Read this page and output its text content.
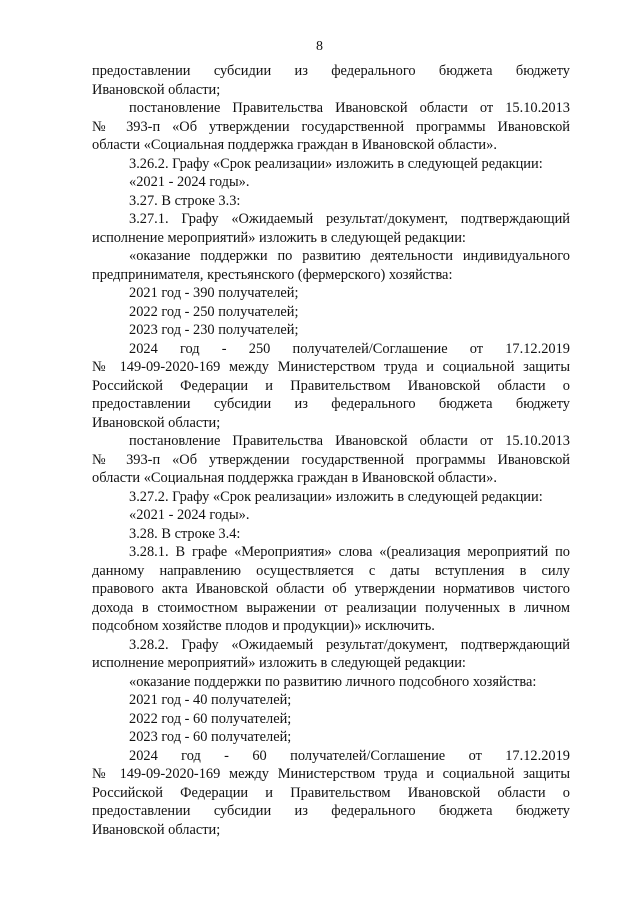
8
предоставлении субсидии из федерального бюджета бюджету
Ивановской области;
постановление Правительства Ивановской области от 15.10.2013
№ 393-п «Об утверждении государственной программы Ивановской
области «Социальная поддержка граждан в Ивановской области».
3.26.2. Графу «Срок реализации» изложить в следующей редакции:
«2021 - 2024 годы».
3.27. В строке 3.3:
3.27.1. Графу «Ожидаемый результат/документ, подтверждающий
исполнение мероприятий» изложить в следующей редакции:
«оказание поддержки по развитию деятельности индивидуального
предпринимателя, крестьянского (фермерского) хозяйства:
2021 год - 390 получателей;
2022 год - 250 получателей;
2023 год - 230 получателей;
2024 год - 250 получателей/Соглашение от 17.12.2019
№ 149-09-2020-169 между Министерством труда и социальной защиты
Российской Федерации и Правительством Ивановской области о
предоставлении субсидии из федерального бюджета бюджету
Ивановской области;
постановление Правительства Ивановской области от 15.10.2013
№ 393-п «Об утверждении государственной программы Ивановской
области «Социальная поддержка граждан в Ивановской области».
3.27.2. Графу «Срок реализации» изложить в следующей редакции:
«2021 - 2024 годы».
3.28. В строке 3.4:
3.28.1. В графе «Мероприятия» слова «(реализация мероприятий по
данному направлению осуществляется с даты вступления в силу
правового акта Ивановской области об утверждении нормативов чистого
дохода в стоимостном выражении от реализации полученных в личном
подсобном хозяйстве плодов и продукции)» исключить.
3.28.2. Графу «Ожидаемый результат/документ, подтверждающий
исполнение мероприятий» изложить в следующей редакции:
«оказание поддержки по развитию личного подсобного хозяйства:
2021 год - 40 получателей;
2022 год - 60 получателей;
2023 год - 60 получателей;
2024 год - 60 получателей/Соглашение от 17.12.2019
№ 149-09-2020-169 между Министерством труда и социальной защиты
Российской Федерации и Правительством Ивановской области о
предоставлении субсидии из федерального бюджета бюджету
Ивановской области;
